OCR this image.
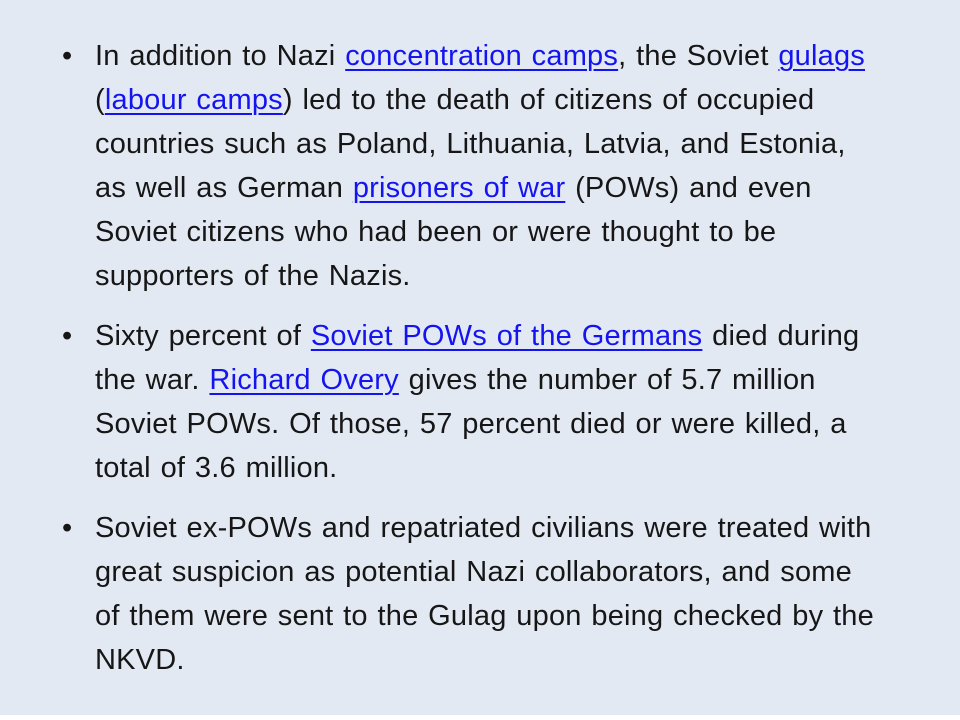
• In addition to Nazi concentration camps, the Soviet gulags (labour camps) led to the death of citizens of occupied countries such as Poland, Lithuania, Latvia, and Estonia, as well as German prisoners of war (POWs) and even Soviet citizens who had been or were thought to be supporters of the Nazis.

• Sixty percent of Soviet POWs of the Germans died during the war. Richard Overy gives the number of 5.7 million Soviet POWs. Of those, 57 percent died or were killed, a total of 3.6 million.

• Soviet ex-POWs and repatriated civilians were treated with great suspicion as potential Nazi collaborators, and some of them were sent to the Gulag upon being checked by the NKVD.
